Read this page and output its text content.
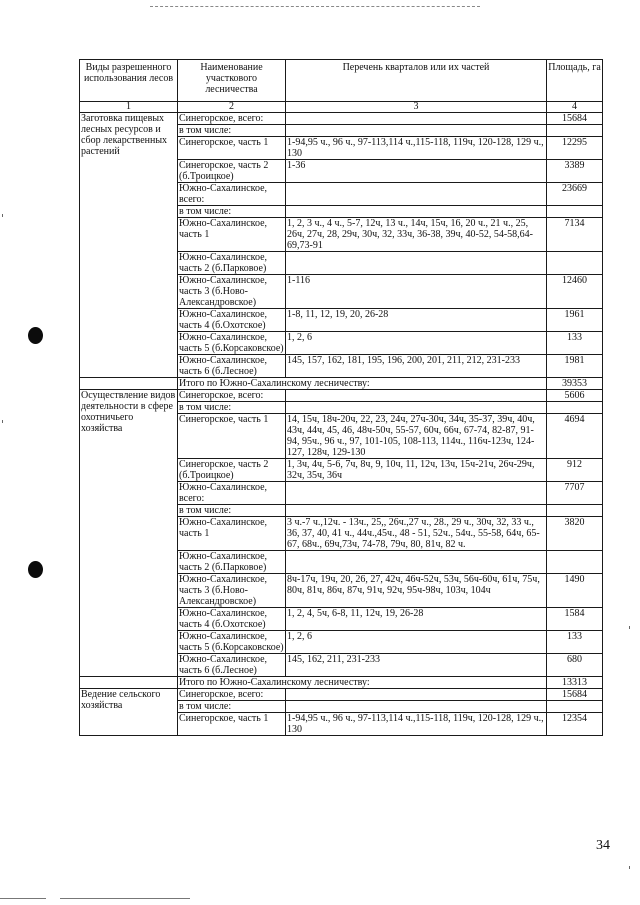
Виды разрешенного использования лесов	Наименование участкового лесничества	Перечень кварталов или их частей	Площадь, га
1	2	3	4
Заготовка пищевых лесных ресурсов и сбор лекарственных растений	Синегорское, всего:		15684
	в том числе:		
	Синегорское, часть 1	1-94,95 ч., 96 ч., 97-113,114 ч.,115-118, 119ч, 120-128, 129 ч., 130	12295
	Синегорское, часть 2 (б.Троицкое)	1-36	3389
	Южно-Сахалинское, всего:		23669
	в том числе:		
	Южно-Сахалинское, часть 1	1, 2, 3 ч., 4 ч., 5-7, 12ч, 13 ч., 14ч, 15ч, 16, 20 ч., 21 ч., 25, 26ч, 27ч, 28, 29ч, 30ч, 32, 33ч, 36-38, 39ч, 40-52, 54-58,64-69,73-91	7134
	Южно-Сахалинское, часть 2 (б.Парковое)		
	Южно-Сахалинское, часть 3 (б.Ново-Александровское)	1-116	12460
	Южно-Сахалинское, часть 4 (б.Охотское)	1-8, 11, 12, 19, 20, 26-28	1961
	Южно-Сахалинское, часть 5 (б.Корсаковское)	1, 2, 6	133
	Южно-Сахалинское, часть 6 (б.Лесное)	145, 157, 162, 181, 195, 196, 200, 201, 211, 212, 231-233	1981
	Итого по Южно-Сахалинскому лесничеству:		39353
Осуществление видов деятельности в сфере охотничьего хозяйства	Синегорское, всего:		5606
	в том числе:		
	Синегорское, часть 1	14, 15ч, 18ч-20ч, 22, 23, 24ч, 27ч-30ч, 34ч, 35-37, 39ч, 40ч, 43ч, 44ч, 45, 46, 48ч-50ч, 55-57, 60ч, 66ч, 67-74, 82-87, 91-94, 95ч., 96 ч., 97, 101-105, 108-113, 114ч., 116ч-123ч, 124-127, 128ч, 129-130	4694
	Синегорское, часть 2 (б.Троицкое)	1, 3ч, 4ч, 5-6, 7ч, 8ч, 9, 10ч, 11, 12ч, 13ч, 15ч-21ч, 26ч-29ч, 32ч, 35ч, 36ч	912
	Южно-Сахалинское, всего:		7707
	в том числе:		
	Южно-Сахалинское, часть 1	3 ч.-7 ч.,12ч. - 13ч., 25,, 26ч.,27 ч., 28., 29 ч., 30ч, 32, 33 ч., 36, 37, 40, 41 ч., 44ч.,45ч., 48 - 51, 52ч., 54ч., 55-58, 64ч, 65-67, 68ч., 69ч,73ч, 74-78, 79ч, 80, 81ч, 82 ч.	3820
	Южно-Сахалинское, часть 2 (б.Парковое)		
	Южно-Сахалинское, часть 3 (б.Ново-Александровское)	8ч-17ч, 19ч, 20, 26, 27, 42ч, 46ч-52ч, 53ч, 56ч-60ч, 61ч, 75ч, 80ч, 81ч, 86ч, 87ч, 91ч, 92ч, 95ч-98ч, 103ч, 104ч	1490
	Южно-Сахалинское, часть 4 (б.Охотское)	1, 2, 4, 5ч, 6-8, 11, 12ч, 19, 26-28	1584
	Южно-Сахалинское, часть 5 (б.Корсаковское)	1, 2, 6	133
	Южно-Сахалинское, часть 6 (б.Лесное)	145, 162, 211, 231-233	680
	Итого по Южно-Сахалинскому лесничеству:		13313
Ведение сельского хозяйства	Синегорское, всего:		15684
	в том числе:		
	Синегорское, часть 1	1-94,95 ч., 96 ч., 97-113,114 ч.,115-118, 119ч, 120-128, 129 ч., 130	12354
34
